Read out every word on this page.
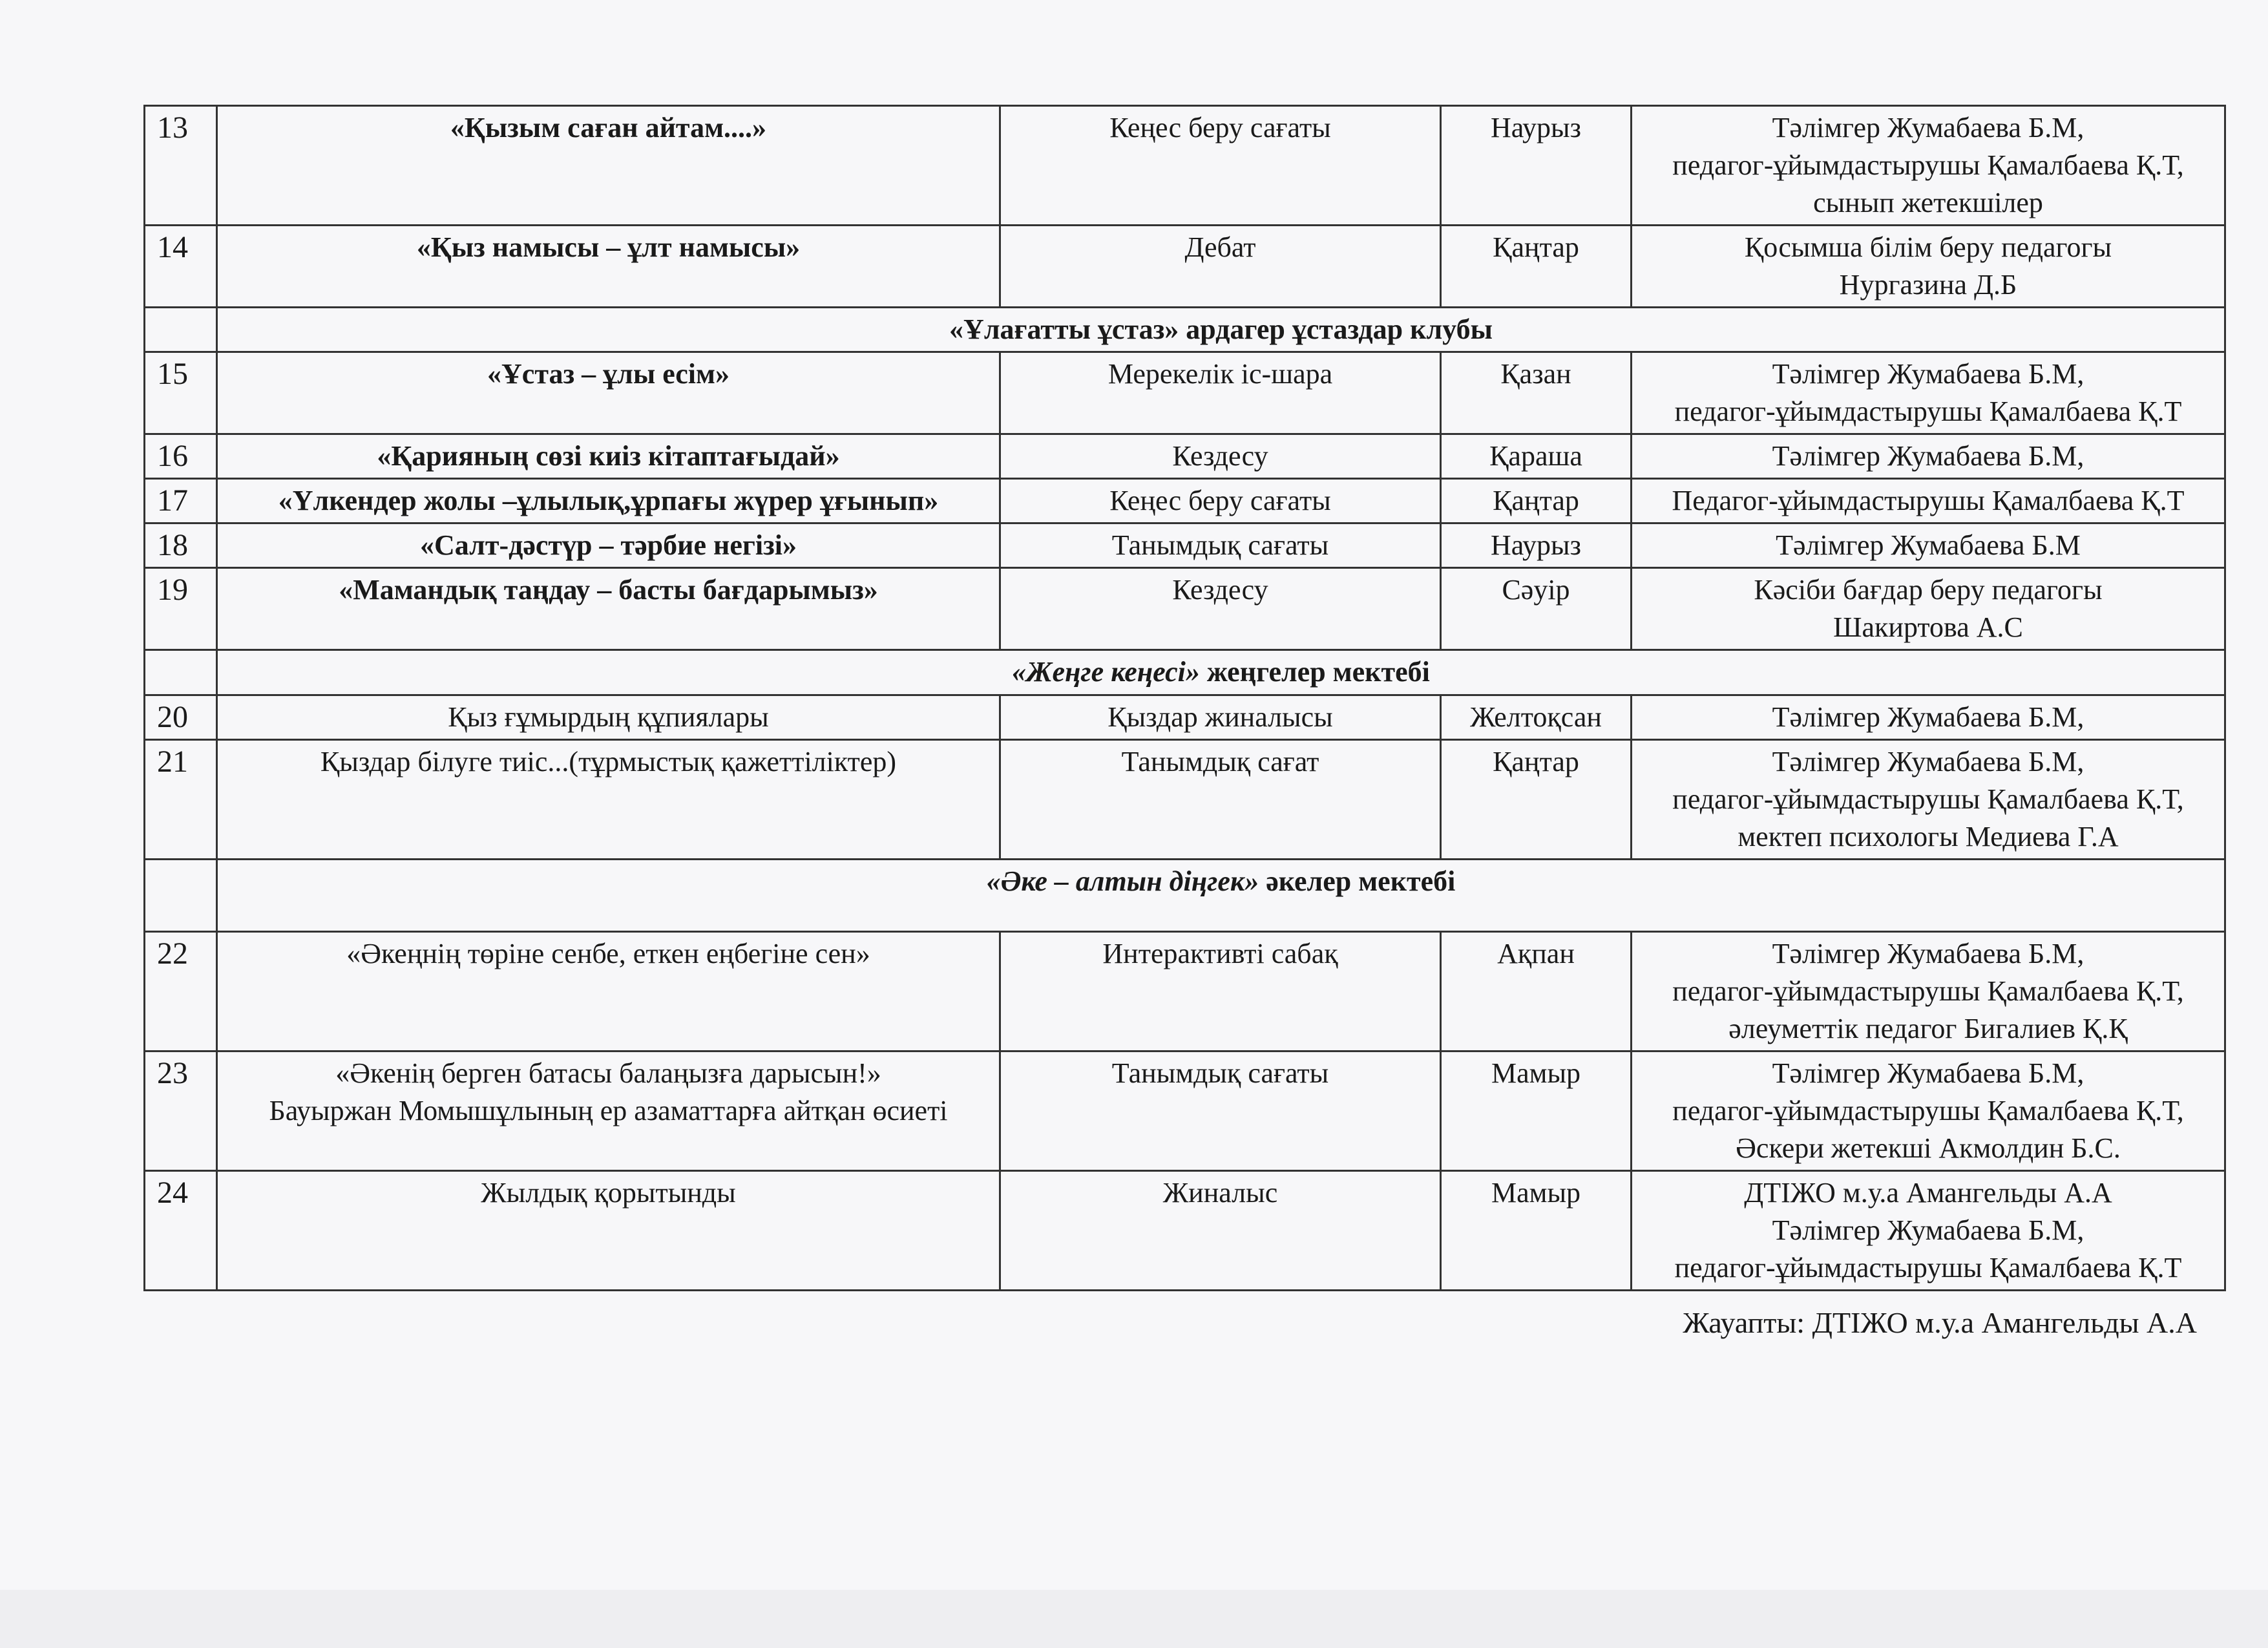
13	«Қызым саған айтам....»	Кеңес беру сағаты	Наурыз	Тәлімгер Жумабаева Б.М,
педагог-ұйымдастырушы Қамалбаева Қ.Т,
сынып жетекшілер
14	«Қыз намысы – ұлт намысы»	Дебат	Қаңтар	Қосымша білім беру педагогы
Нургазина Д.Б
	«Ұлағатты ұстаз» ардагер ұстаздар клубы			
15	«Ұстаз – ұлы есім»	Мерекелік іс-шара	Қазан	Тәлімгер Жумабаева Б.М,
педагог-ұйымдастырушы Қамалбаева Қ.Т
16	«Қарияның сөзі киіз кітаптағыдай»	Кездесу	Қараша	Тәлімгер Жумабаева Б.М,
17	«Үлкендер жолы –ұлылық,ұрпағы жүрер ұғынып»	Кеңес беру сағаты	Қаңтар	Педагог-ұйымдастырушы Қамалбаева Қ.Т
18	«Салт-дәстүр – тәрбие негізі»	Танымдық сағаты	Наурыз	Тәлімгер Жумабаева Б.М
19	«Мамандық таңдау – басты бағдарымыз»	Кездесу	Сәуір	Кәсіби бағдар беру педагогы
Шакиртова А.С
	«Жеңге кеңесі» жеңгелер мектебі			
20	Қыз ғұмырдың құпиялары	Қыздар жиналысы	Желтоқсан	Тәлімгер Жумабаева Б.М,
21	Қыздар білуге тиіс...(тұрмыстық қажеттіліктер)	Танымдық сағат	Қаңтар	Тәлімгер Жумабаева Б.М,
педагог-ұйымдастырушы Қамалбаева Қ.Т,
мектеп психологы Медиева Г.А
	«Әке – алтын діңгек» әкелер мектебі			
22	«Әкеңнің төріне сенбе, еткен еңбегіне сен»	Интерактивті сабақ	Ақпан	Тәлімгер Жумабаева Б.М,
педагог-ұйымдастырушы Қамалбаева Қ.Т,
әлеуметтік педагог Бигалиев Қ.Қ
23	«Әкенің берген батасы балаңызға дарысын!»
Бауыржан Момышұлының ер азаматтарға айтқан өсиеті	Танымдық сағаты	Мамыр	Тәлімгер Жумабаева Б.М,
педагог-ұйымдастырушы Қамалбаева Қ.Т,
Әскери жетекші Акмолдин Б.С.
24	Жылдық қорытынды	Жиналыс	Мамыр	ДТІЖО м.у.а Амангельды А.А
Тәлімгер Жумабаева Б.М,
педагог-ұйымдастырушы Қамалбаева Қ.Т
Жауапты: ДТІЖО м.у.а Амангельды А.А
